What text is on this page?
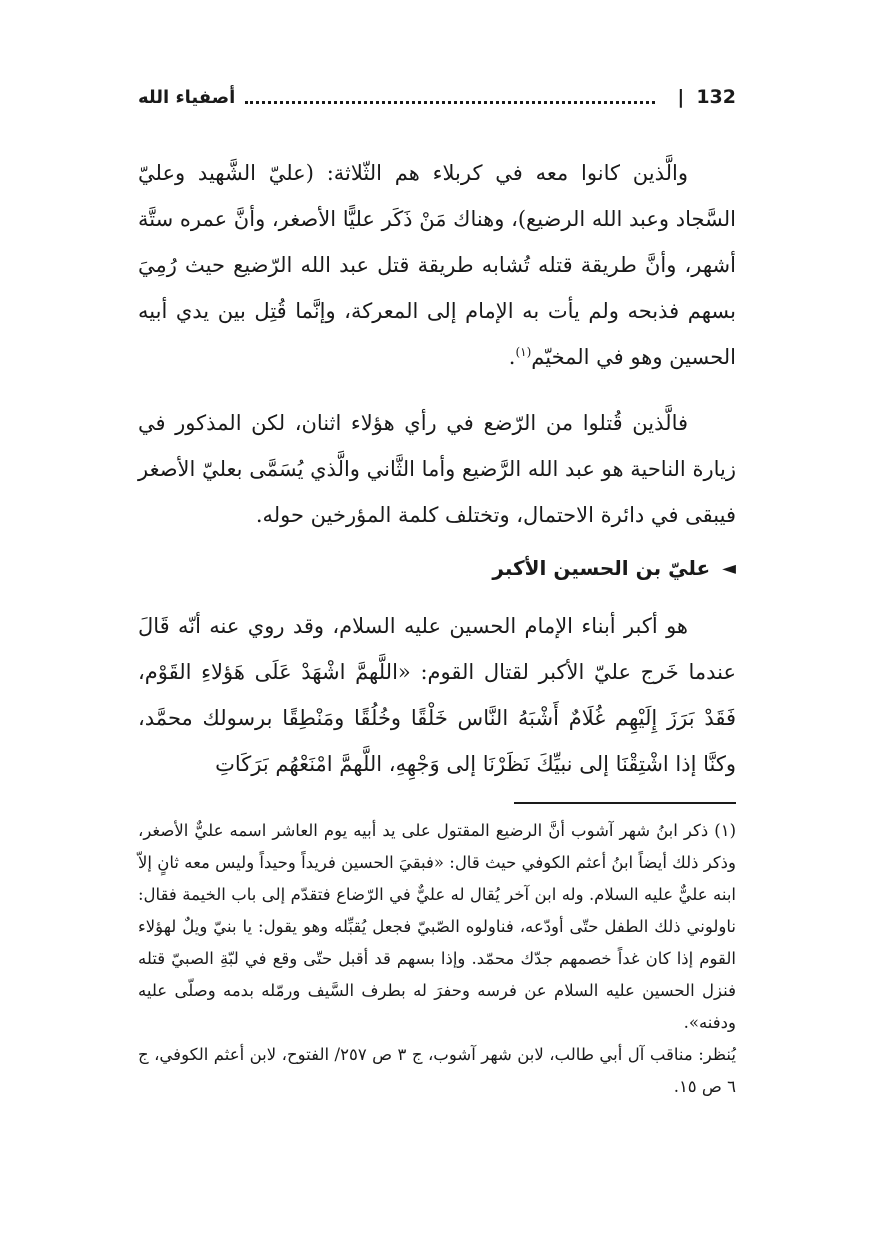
132
|
أصفياء الله

والَّذين كانوا معه في كربلاء هم الثّلاثة: (عليّ الشَّهيد وعليّ السَّجاد وعبد الله الرضيع)، وهناك مَنْ ذَكَر عليًّا الأصغر، وأنَّ عمره ستَّة أشهر، وأنَّ طريقة قتله تُشابه طريقة قتل عبد الله الرّضيع حيث رُمِيَ بسهم فذبحه ولم يأت به الإمام إلى المعركة، وإنَّما قُتِل بين يدي أبيه الحسين وهو في المخيّم$^{(١)}$.

فالَّذين قُتلوا من الرّضع في رأي هؤلاء اثنان، لكن المذكور في زيارة الناحية هو عبد الله الرَّضيع وأما الثَّاني والَّذي يُسَمَّى بعليّ الأصغر فيبقى في دائرة الاحتمال، وتختلف كلمة المؤرخين حوله.

◄
عليّ بن الحسين الأكبر

هو أكبر أبناء الإمام الحسين عليه السلام، وقد روي عنه أنّه قَالَ عندما خَرج عليّ الأكبر لقتال القوم: «اللَّهمَّ اشْهَدْ عَلَى هَؤلاءِ القَوْم، فَقَدْ بَرَزَ إِلَيْهِم غُلَامٌ أَشْبَهُ النَّاس خَلْقًا وخُلُقًا ومَنْطِقًا برسولك محمَّد، وكنَّا إذا اشْتِقْنَا إلى نبيِّكَ نَظَرْنَا إلى وَجْهِهِ، اللَّهمَّ امْنَعْهُم بَرَكَاتِ

(١) ذكر ابنُ شهر آشوب أنَّ الرضيع المقتول على يد أبيه يوم العاشر اسمه عليٌّ الأصغر، وذكر ذلك أيضاً ابنُ أعثم الكوفي حيث قال: «فبقيَ الحسين فريداً وحيداً وليس معه ثانٍ إلاّ ابنه عليٌّ عليه السلام. وله ابن آخر يُقال له عليٌّ في الرّضاع فتقدّم إلى باب الخيمة فقال: ناولوني ذلك الطفل حتّى أودّعه، فناولوه الصّبيّ فجعل يُقبِّله وهو يقول: يا بنيّ ويلٌ لهؤلاء القوم إذا كان غداً خصمهم جدّك محمّد. وإذا بسهم قد أقبل حتّى وقع في لبّةِ الصبيّ قتله فنزل الحسين عليه السلام عن فرسه وحفرَ له بطرف السَّيف ورمّله بدمه وصلّى عليه ودفنه».

يُنظر: مناقب آل أبي طالب، لابن شهر آشوب، ج ٣ ص ٢٥٧/ الفتوح، لابن أعثم الكوفي، ج ٦ ص ١٥.
